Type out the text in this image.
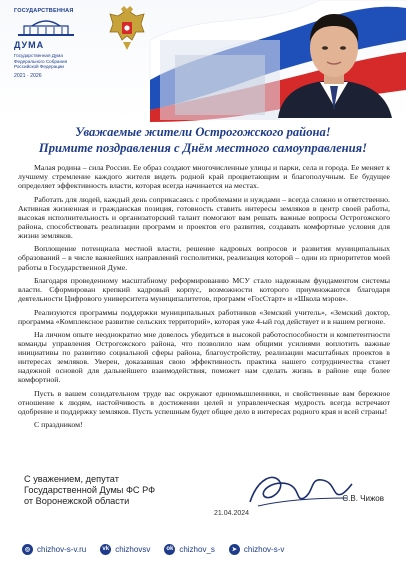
ГОСУДАРСТВЕННАЯ
ДУМА
Государственная Дума Федерального Собрания Российской Федерации
2021 · 2026
Уважаемые жители Острогожского района!
Примите поздравления с Днём местного самоуправления!

Малая родина – сила России. Ее образ создают многочисленные улицы и парки, села и города. Ее меняет к лучшему стремление каждого жителя видеть родной край процветающим и благополучным. Ее будущее определяет эффективность власти, которая всегда начинается на местах.

Работать для людей, каждый день соприкасаясь с проблемами и нуждами – всегда сложно и ответственно. Активная жизненная и гражданская позиция, готовность ставить интересы земляков в центр своей работы, высокая исполнительность и организаторский талант помогают вам решать важные вопросы Острогожского района, способствовать реализации программ и проектов его развития, создавать комфортные условия для жизни земляков.

Воплощение потенциала местной власти, решение кадровых вопросов и развития муниципальных образований – в числе важнейших направлений госполитики, реализация которой – один из приоритетов моей работы в Государственной Думе.

Благодаря проведенному масштабному реформированию МСУ стало надежным фундаментом системы власти. Сформирован крепкий кадровый корпус, возможности которого приумножаются благодаря деятельности Цифрового университета муниципалитетов, программ «ГосСтарт» и «Школа мэров».

Реализуются программы поддержки муниципальных работников «Земский учитель», «Земский доктор, программа «Комплексное развитие сельских территорий», которая уже 4-ый год действует и в нашем регионе.

На личном опыте неоднократно мне довелось убедиться в высокой работоспособности и компетентности команды управления Острогожского района, что позволило нам общими усилиями воплотить важные инициативы по развитию социальной сферы района, благоустройству, реализации масштабных проектов в интересах земляков. Уверен, доказавшая свою эффективность практика нашего сотрудничества станет надежной основой для дальнейшего взаимодействия, поможет нам сделать жизнь в районе еще более комфортной.

Пусть в вашем созидательном труде вас окружают единомышленники, и свойственные вам бережное отношение к людям, настойчивость в достижении целей и управленческая мудрость всегда встречают одобрение и поддержку земляков. Пусть успешным будет общее дело в интересах родного края и всей страны!

С праздником!

С уважением, депутат
Государственной Думы ФС РФ
от Воронежской области
21.04.2024
С.В. Чижов
◎ chizhov-s-v.ru	vk chizhovsv	ok chizhov_s	➤ chizhov-s-v
